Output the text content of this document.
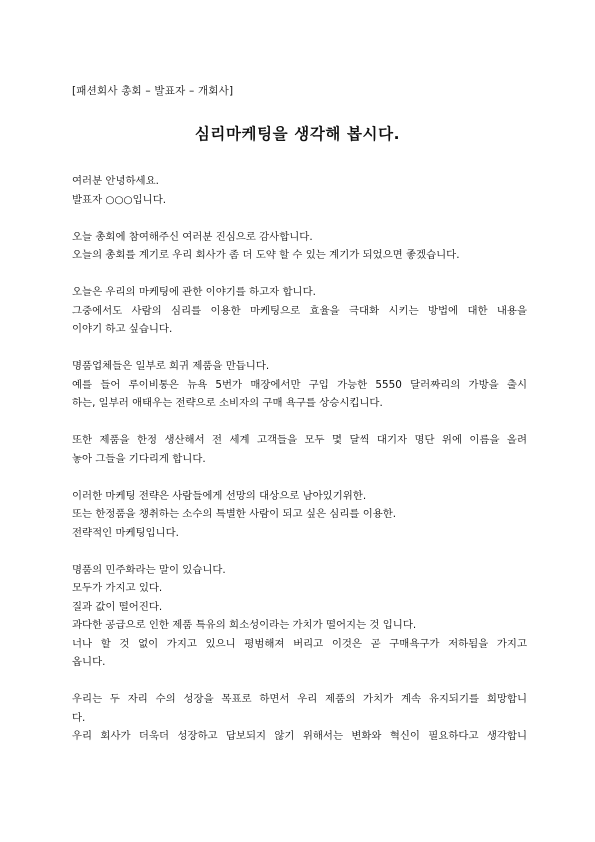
[패션회사 총회 – 발표자 – 개회사]
심리마케팅을 생각해 봅시다.
여러분 안녕하세요.
발표자 ○○○입니다.
오늘 총회에 참여해주신 여러분 진심으로 감사합니다.
오늘의 총회를 계기로 우리 회사가 좀 더 도약 할 수 있는 계기가 되었으면 좋겠습니다.
오늘은 우리의 마케팅에 관한 이야기를 하고자 합니다.
그중에서도 사람의 심리를 이용한 마케팅으로 효율을 극대화 시키는 방법에 대한 내용을
이야기 하고 싶습니다.
명품업체들은 일부로 희귀 제품을 만듭니다.
예를 들어 루이비통은 뉴욕 5번가 매장에서만 구입 가능한 5550 달러짜리의 가방을 출시
하는, 일부러 애태우는 전략으로 소비자의 구매 욕구를 상승시킵니다.
또한 제품을 한정 생산해서 전 세계 고객들을 모두 몇 달씩 대기자 명단 위에 이름을 올려
놓아 그들을 기다리게 합니다.
이러한 마케팅 전략은 사람들에게 선망의 대상으로 남아있기위한.
또는 한정품을 챙취하는 소수의 특별한 사람이 되고 싶은 심리를 이용한.
전략적인 마케팅입니다.
명품의 민주화라는 말이 있습니다.
모두가 가지고 있다.
질과 값이 떨어진다.
과다한 공급으로 인한 제품 특유의 희소성이라는 가치가 떨어지는 것 입니다.
너나 할 것 없이 가지고 있으니 평범해져 버리고 이것은 곧 구매욕구가 저하됨을 가지고
옵니다.
우리는 두 자리 수의 성장을 목표로 하면서 우리 제품의 가치가 계속 유지되기를 희망합니
다.
우리 회사가 더욱더 성장하고 답보되지 않기 위해서는 변화와 혁신이 필요하다고 생각합니
